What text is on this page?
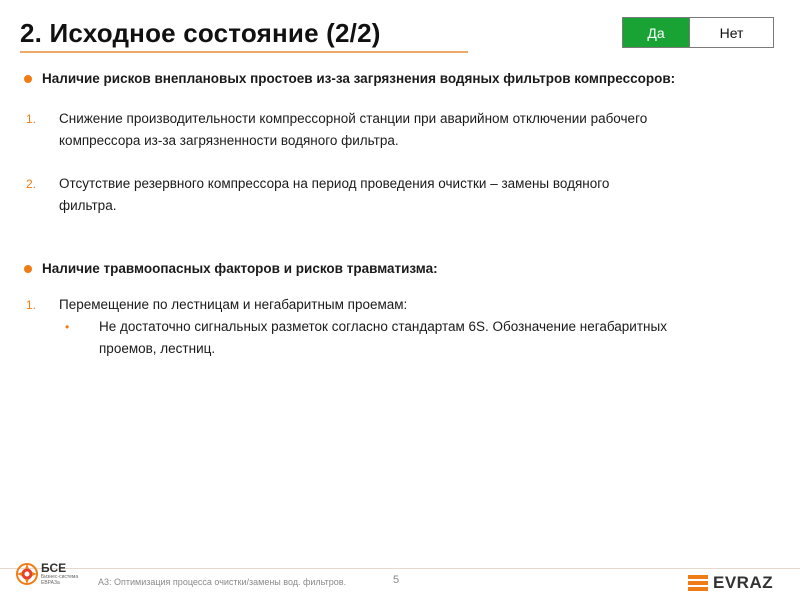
2. Исходное состояние (2/2)	Да	Нет
Наличие рисков внеплановых простоев из-за загрязнения водяных фильтров компрессоров:
1. Снижение производительности компрессорной станции при аварийном отключении рабочего
компрессора из-за загрязненности водяного фильтра.
2. Отсутствие резервного компрессора на период проведения очистки – замены водяного
фильтра.
Наличие травмоопасных факторов и рисков травматизма:
1. Перемещение по лестницам и негабаритным проемам:
• Не достаточно сигнальных разметок согласно стандартам 6S. Обозначение негабаритных
проемов, лестниц.
БСЕ
Бизнес-система
ЕВРАЗа	А3: Оптимизация процесса очистки/замены вод. фильтров.	5	EVRAZ
